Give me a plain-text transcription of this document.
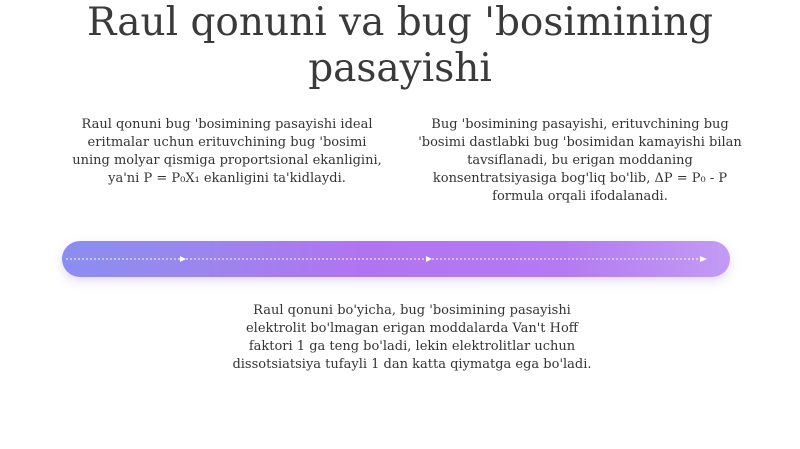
Raul qonuni va bug 'bosimining pasayishi
Raul qonuni bug 'bosimining pasayishi ideal eritmalar uchun erituvchining bug 'bosimi uning molyar qismiga proportsional ekanligini, ya'ni P = P₀X₁ ekanligini ta'kidlaydi.
Bug 'bosimining pasayishi, erituvchining bug 'bosimi dastlabki bug 'bosimidan kamayishi bilan tavsiflanadi, bu erigan moddaning konsentratsiyasiga bog'liq bo'lib, ΔP = P₀ - P formula orqali ifodalanadi.
Raul qonuni bo'yicha, bug 'bosimining pasayishi elektrolit bo'lmagan erigan moddalarda Van't Hoff faktori 1 ga teng bo'ladi, lekin elektrolitlar uchun dissotsiatsiya tufayli 1 dan katta qiymatga ega bo'ladi.
